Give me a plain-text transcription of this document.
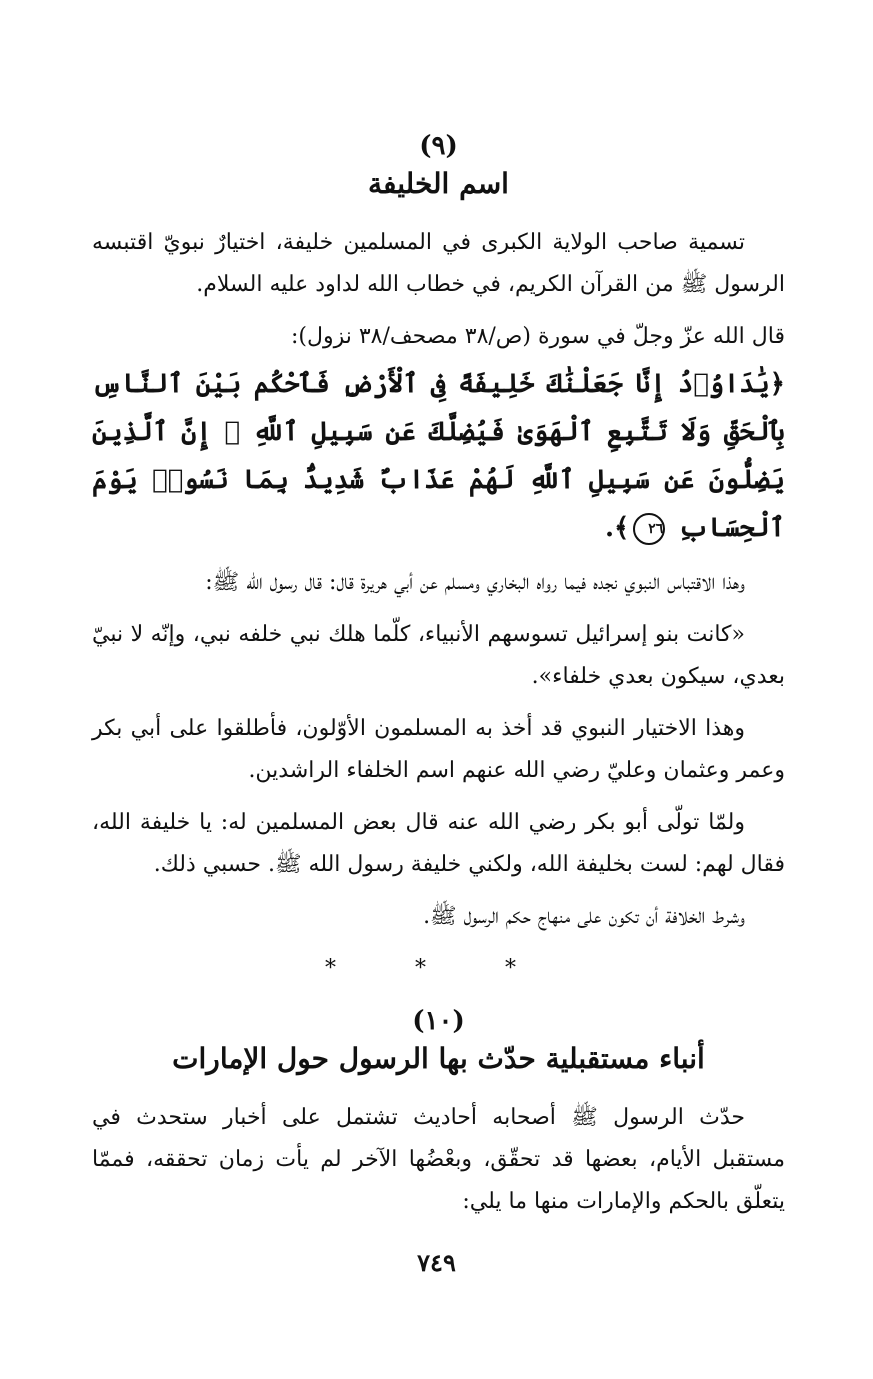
(٩)
اسم الخليفة

تسمية صاحب الولاية الكبرى في المسلمين خليفة، اختيارٌ نبويّ اقتبسه الرسول ﷺ من القرآن الكريم، في خطاب الله لداود عليه السلام.

قال الله عزّ وجلّ في سورة (ص/٣٨ مصحف/٣٨ نزول):

﴿يَٰدَاوُۥدُ إِنَّا جَعَلْنَٰكَ خَلِيفَةً فِى ٱلْأَرْضِ فَٱحْكُم بَيْنَ ٱلنَّاسِ بِٱلْحَقِّ وَلَا تَتَّبِعِ ٱلْهَوَىٰ فَيُضِلَّكَ عَن سَبِيلِ ٱللَّهِ ۚ إِنَّ ٱلَّذِينَ يَضِلُّونَ عَن سَبِيلِ ٱللَّهِ لَهُمْ عَذَابٌ شَدِيدٌۢ بِمَا نَسُوا۟ يَوْمَ ٱلْحِسَابِ ٢٦﴾.

وهذا الاقتباس النبوي نجده فيما رواه البخاري ومسلم عن أبي هريرة قال: قال رسول الله ﷺ:

«كانت بنو إسرائيل تسوسهم الأنبياء، كلّما هلك نبي خلفه نبي، وإنّه لا نبيّ بعدي، سيكون بعدي خلفاء».

وهذا الاختيار النبوي قد أخذ به المسلمون الأوّلون، فأطلقوا على أبي بكر وعمر وعثمان وعليّ رضي الله عنهم اسم الخلفاء الراشدين.

ولمّا تولّى أبو بكر رضي الله عنه قال بعض المسلمين له: يا خليفة الله، فقال لهم: لست بخليفة الله، ولكني خليفة رسول الله ﷺ. حسبي ذلك.

وشرط الخلافة أن تكون على منهاج حكم الرسول ﷺ.

* * *
(١٠)
أنباء مستقبلية حدّث بها الرسول حول الإمارات

حدّث الرسول ﷺ أصحابه أحاديث تشتمل على أخبار ستحدث في مستقبل الأيام، بعضها قد تحقّق، وبعْضُها الآخر لم يأت زمان تحققه، فممّا يتعلّق بالحكم والإمارات منها ما يلي:

٧٤٩
